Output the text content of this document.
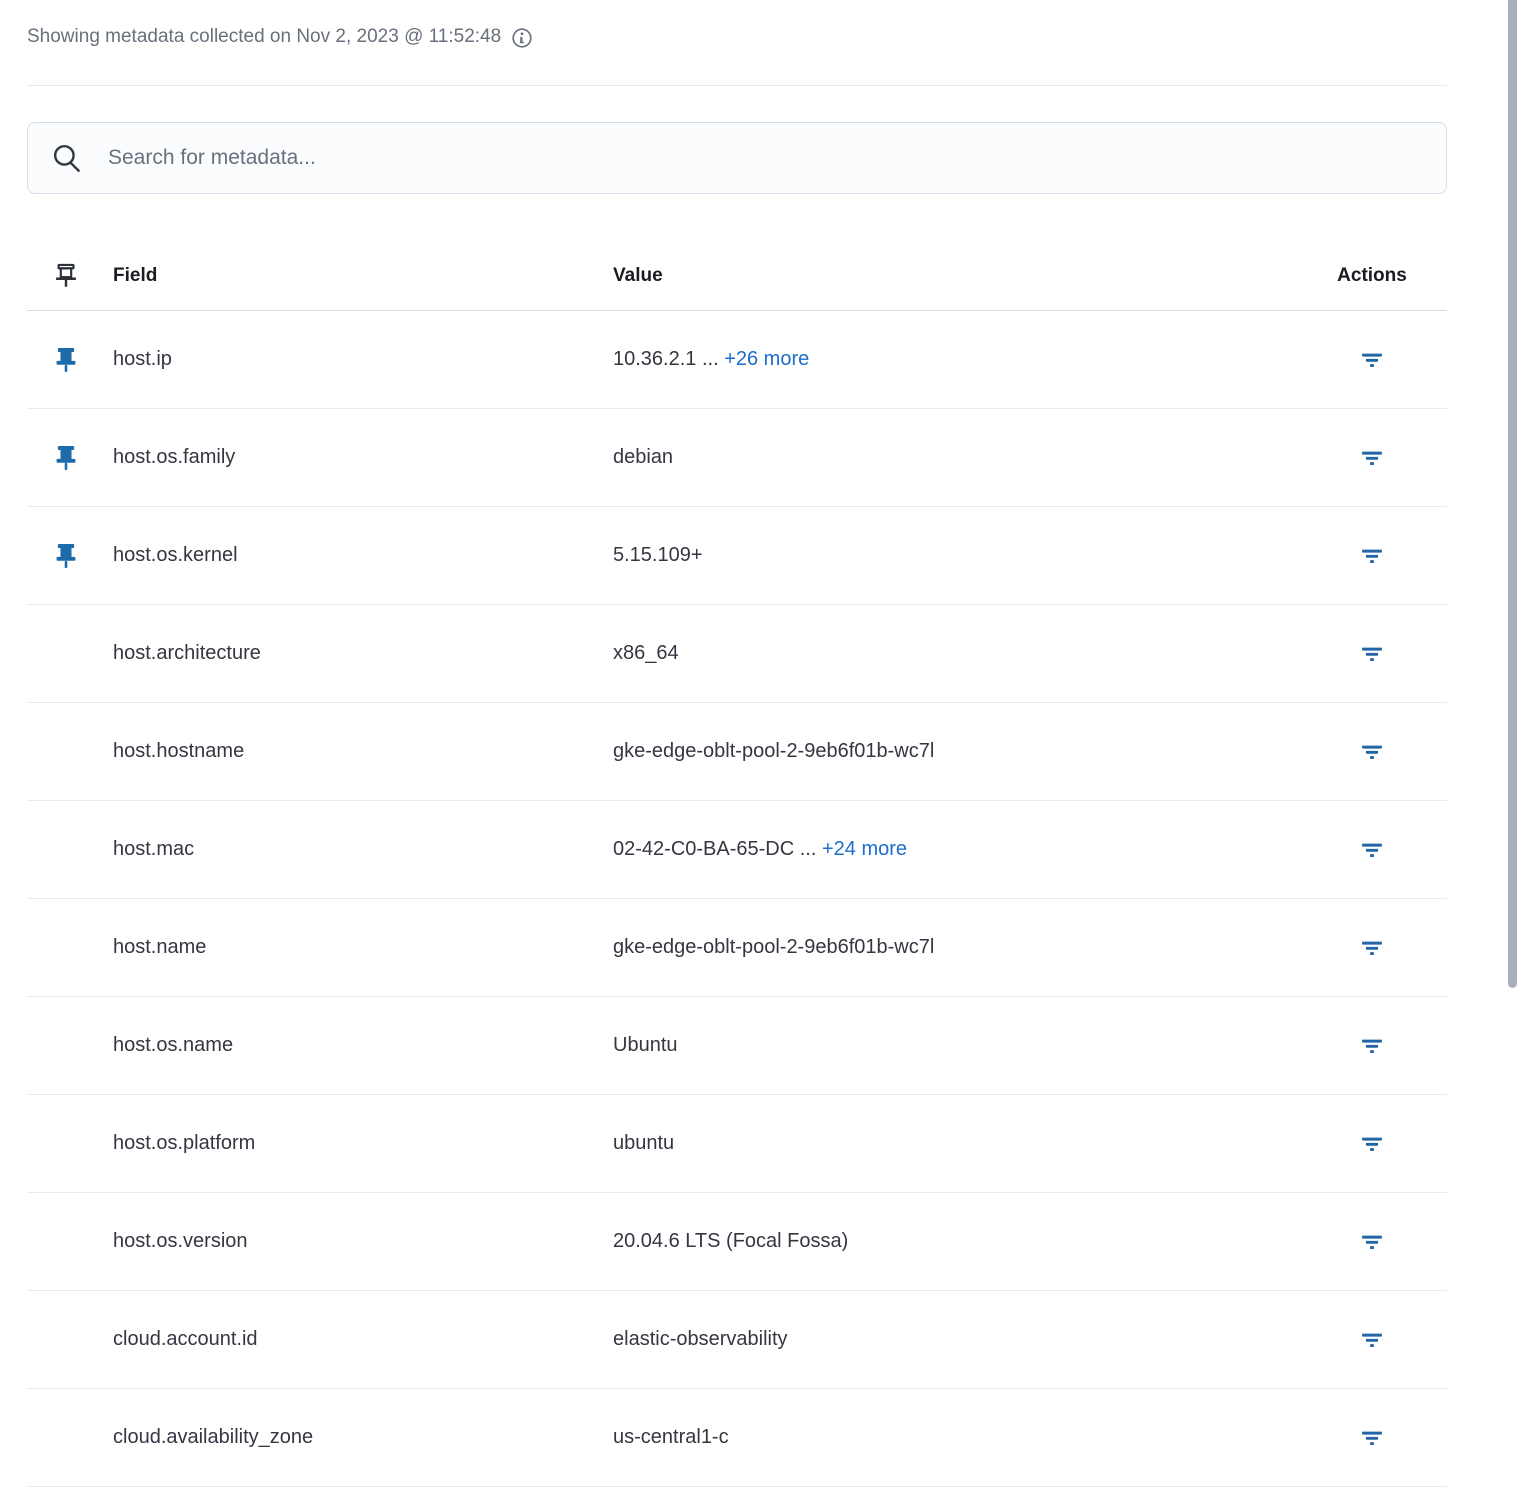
Showing metadata collected on Nov 2, 2023 @ 11:52:48
Search for metadata...
Field	Value	Actions
host.ip	10.36.2.1 ... +26 more
host.os.family	debian
host.os.kernel	5.15.109+
host.architecture	x86_64
host.hostname	gke-edge-oblt-pool-2-9eb6f01b-wc7l
host.mac	02-42-C0-BA-65-DC ... +24 more
host.name	gke-edge-oblt-pool-2-9eb6f01b-wc7l
host.os.name	Ubuntu
host.os.platform	ubuntu
host.os.version	20.04.6 LTS (Focal Fossa)
cloud.account.id	elastic-observability
cloud.availability_zone	us-central1-c
